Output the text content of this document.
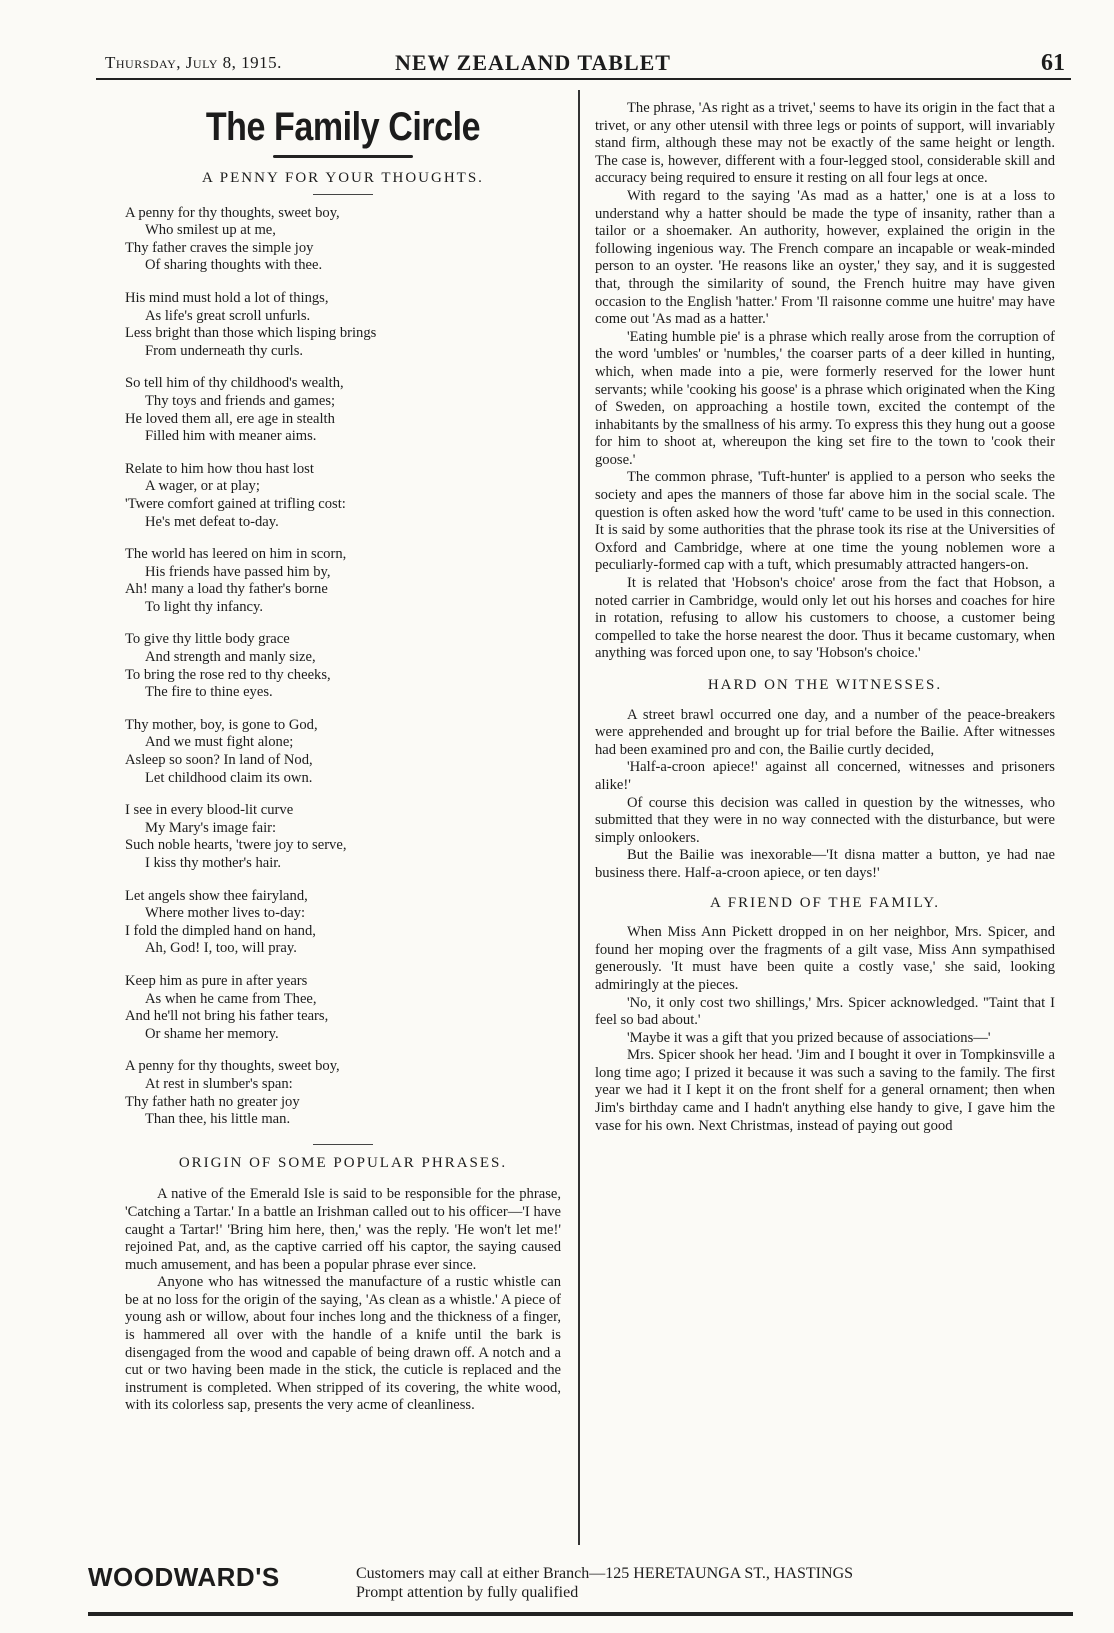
Thursday, July 8, 1915.	NEW ZEALAND TABLET	61
The Family Circle
A PENNY FOR YOUR THOUGHTS.
A penny for thy thoughts, sweet boy,
Who smilest up at me,
Thy father craves the simple joy
Of sharing thoughts with thee.
His mind must hold a lot of things,
As life's great scroll unfurls.
Less bright than those which lisping brings
From underneath thy curls.
So tell him of thy childhood's wealth,
Thy toys and friends and games;
He loved them all, ere age in stealth
Filled him with meaner aims.
Relate to him how thou hast lost
A wager, or at play;
'Twere comfort gained at trifling cost:
He's met defeat to-day.
The world has leered on him in scorn,
His friends have passed him by,
Ah! many a load thy father's borne
To light thy infancy.
To give thy little body grace
And strength and manly size,
To bring the rose red to thy cheeks,
The fire to thine eyes.
Thy mother, boy, is gone to God,
And we must fight alone;
Asleep so soon? In land of Nod,
Let childhood claim its own.
I see in every blood-lit curve
My Mary's image fair:
Such noble hearts, 'twere joy to serve,
I kiss thy mother's hair.
Let angels show thee fairyland,
Where mother lives to-day:
I fold the dimpled hand on hand,
Ah, God! I, too, will pray.
Keep him as pure in after years
As when he came from Thee,
And he'll not bring his father tears,
Or shame her memory.
A penny for thy thoughts, sweet boy,
At rest in slumber's span:
Thy father hath no greater joy
Than thee, his little man.
ORIGIN OF SOME POPULAR PHRASES.

A native of the Emerald Isle is said to be responsible for the phrase, 'Catching a Tartar.' In a battle an Irishman called out to his officer—'I have caught a Tartar!' 'Bring him here, then,' was the reply. 'He won't let me!' rejoined Pat, and, as the captive carried off his captor, the saying caused much amusement, and has been a popular phrase ever since.

Anyone who has witnessed the manufacture of a rustic whistle can be at no loss for the origin of the saying, 'As clean as a whistle.' A piece of young ash or willow, about four inches long and the thickness of a finger, is hammered all over with the handle of a knife until the bark is disengaged from the wood and capable of being drawn off. A notch and a cut or two having been made in the stick, the cuticle is replaced and the instrument is completed. When stripped of its covering, the white wood, with its colorless sap, presents the very acme of cleanliness.

The phrase, 'As right as a trivet,' seems to have its origin in the fact that a trivet, or any other utensil with three legs or points of support, will invariably stand firm, although these may not be exactly of the same height or length. The case is, however, different with a four-legged stool, considerable skill and accuracy being required to ensure it resting on all four legs at once.

With regard to the saying 'As mad as a hatter,' one is at a loss to understand why a hatter should be made the type of insanity, rather than a tailor or a shoemaker. An authority, however, explained the origin in the following ingenious way. The French compare an incapable or weak-minded person to an oyster. 'He reasons like an oyster,' they say, and it is suggested that, through the similarity of sound, the French huitre may have given occasion to the English 'hatter.' From 'Il raisonne comme une huitre' may have come out 'As mad as a hatter.'

'Eating humble pie' is a phrase which really arose from the corruption of the word 'umbles' or 'numbles,' the coarser parts of a deer killed in hunting, which, when made into a pie, were formerly reserved for the lower hunt servants; while 'cooking his goose' is a phrase which originated when the King of Sweden, on approaching a hostile town, excited the contempt of the inhabitants by the smallness of his army. To express this they hung out a goose for him to shoot at, whereupon the king set fire to the town to 'cook their goose.'

The common phrase, 'Tuft-hunter' is applied to a person who seeks the society and apes the manners of those far above him in the social scale. The question is often asked how the word 'tuft' came to be used in this connection. It is said by some authorities that the phrase took its rise at the Universities of Oxford and Cambridge, where at one time the young noblemen wore a peculiarly-formed cap with a tuft, which presumably attracted hangers-on.

It is related that 'Hobson's choice' arose from the fact that Hobson, a noted carrier in Cambridge, would only let out his horses and coaches for hire in rotation, refusing to allow his customers to choose, a customer being compelled to take the horse nearest the door. Thus it became customary, when anything was forced upon one, to say 'Hobson's choice.'

HARD ON THE WITNESSES.

A street brawl occurred one day, and a number of the peace-breakers were apprehended and brought up for trial before the Bailie. After witnesses had been examined pro and con, the Bailie curtly decided,

'Half-a-croon apiece!' against all concerned, witnesses and prisoners alike!'

Of course this decision was called in question by the witnesses, who submitted that they were in no way connected with the disturbance, but were simply onlookers.

But the Bailie was inexorable—'It disna matter a button, ye had nae business there. Half-a-croon apiece, or ten days!'

A FRIEND OF THE FAMILY.

When Miss Ann Pickett dropped in on her neighbor, Mrs. Spicer, and found her moping over the fragments of a gilt vase, Miss Ann sympathised generously. 'It must have been quite a costly vase,' she said, looking admiringly at the pieces.

'No, it only cost two shillings,' Mrs. Spicer acknowledged. ''Taint that I feel so bad about.'

'Maybe it was a gift that you prized because of associations—'

Mrs. Spicer shook her head. 'Jim and I bought it over in Tompkinsville a long time ago; I prized it because it was such a saving to the family. The first year we had it I kept it on the front shelf for a general ornament; then when Jim's birthday came and I hadn't anything else handy to give, I gave him the vase for his own. Next Christmas, instead of paying out good

WOODWARD'S	Customers may call at either Branch—125 HERETAUNGA ST., HASTINGS
Prompt attention by fully qualified
